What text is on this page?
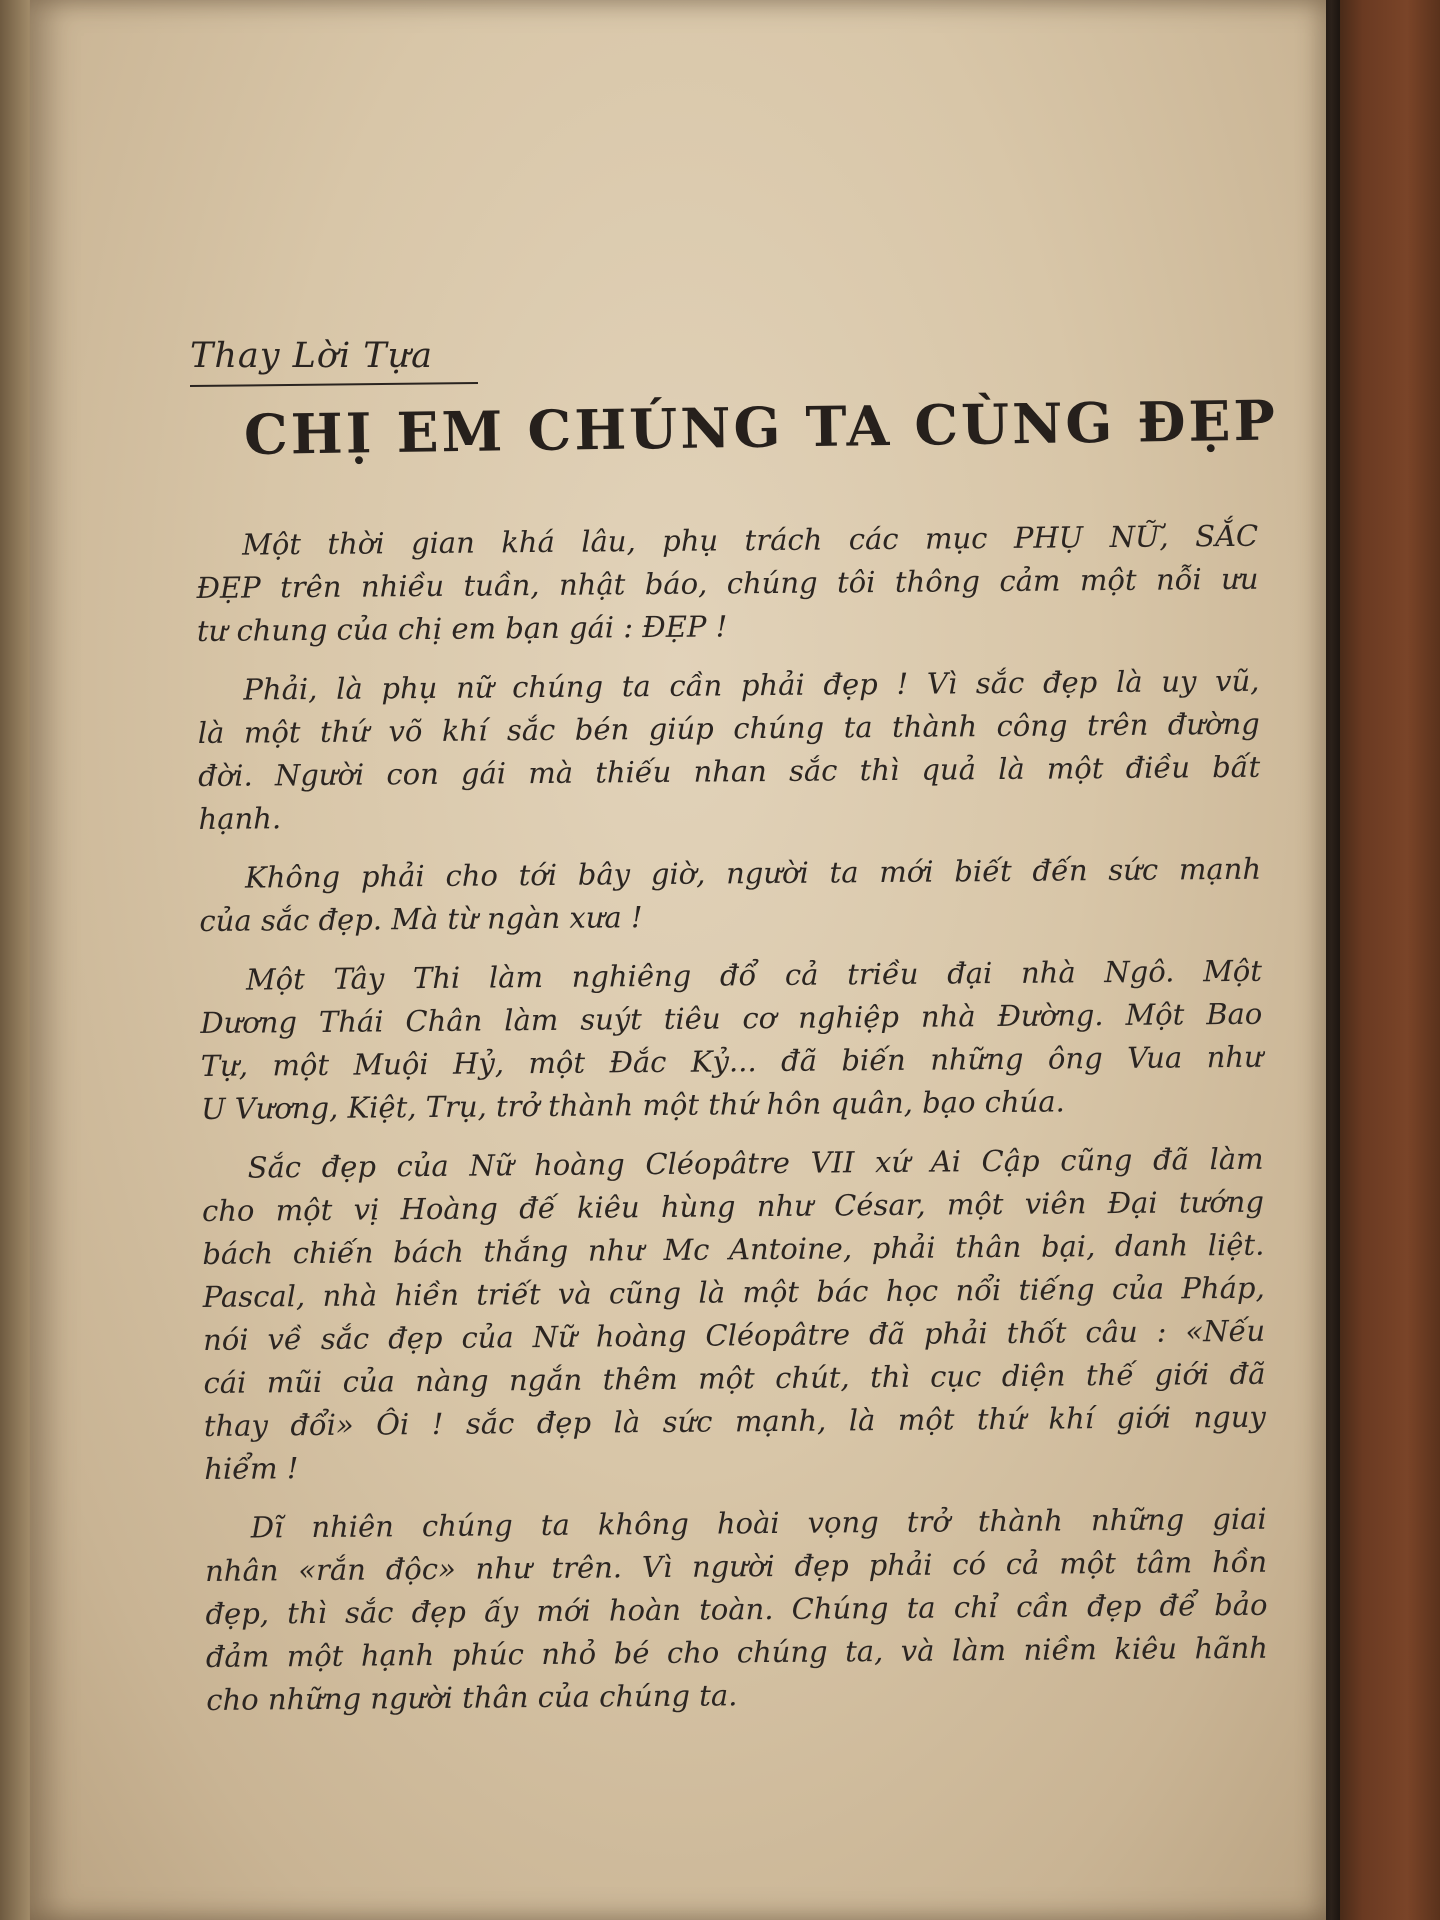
Thay Lời Tựa
CHỊ EM CHÚNG TA CÙNG ĐẸP

Một thời gian khá lâu, phụ trách các mục PHỤ NỮ, SẮC
ĐẸP trên nhiều tuần, nhật báo, chúng tôi thông cảm một nỗi ưu
tư chung của chị em bạn gái : ĐẸP !

Phải, là phụ nữ chúng ta cần phải đẹp ! Vì sắc đẹp là uy vũ,
là một thứ võ khí sắc bén giúp chúng ta thành công trên đường
đời. Người con gái mà thiếu nhan sắc thì quả là một điều bất
hạnh.

Không phải cho tới bây giờ, người ta mới biết đến sức mạnh
của sắc đẹp. Mà từ ngàn xưa !

Một Tây Thi làm nghiêng đổ cả triều đại nhà Ngô. Một
Dương Thái Chân làm suýt tiêu cơ nghiệp nhà Đường. Một Bao
Tự, một Muội Hỷ, một Đắc Kỷ... đã biến những ông Vua như
U Vương, Kiệt, Trụ, trở thành một thứ hôn quân, bạo chúa.

Sắc đẹp của Nữ hoàng Cléopâtre VII xứ Ai Cập cũng đã làm
cho một vị Hoàng đế kiêu hùng như César, một viên Đại tướng
bách chiến bách thắng như Mc Antoine, phải thân bại, danh liệt.
Pascal, nhà hiền triết và cũng là một bác học nổi tiếng của Pháp,
nói về sắc đẹp của Nữ hoàng Cléopâtre đã phải thốt câu : «Nếu
cái mũi của nàng ngắn thêm một chút, thì cục diện thế giới đã
thay đổi» Ôi ! sắc đẹp là sức mạnh, là một thứ khí giới nguy
hiểm !

Dĩ nhiên chúng ta không hoài vọng trở thành những giai
nhân «rắn độc» như trên. Vì người đẹp phải có cả một tâm hồn
đẹp, thì sắc đẹp ấy mới hoàn toàn. Chúng ta chỉ cần đẹp để bảo
đảm một hạnh phúc nhỏ bé cho chúng ta, và làm niềm kiêu hãnh
cho những người thân của chúng ta.
